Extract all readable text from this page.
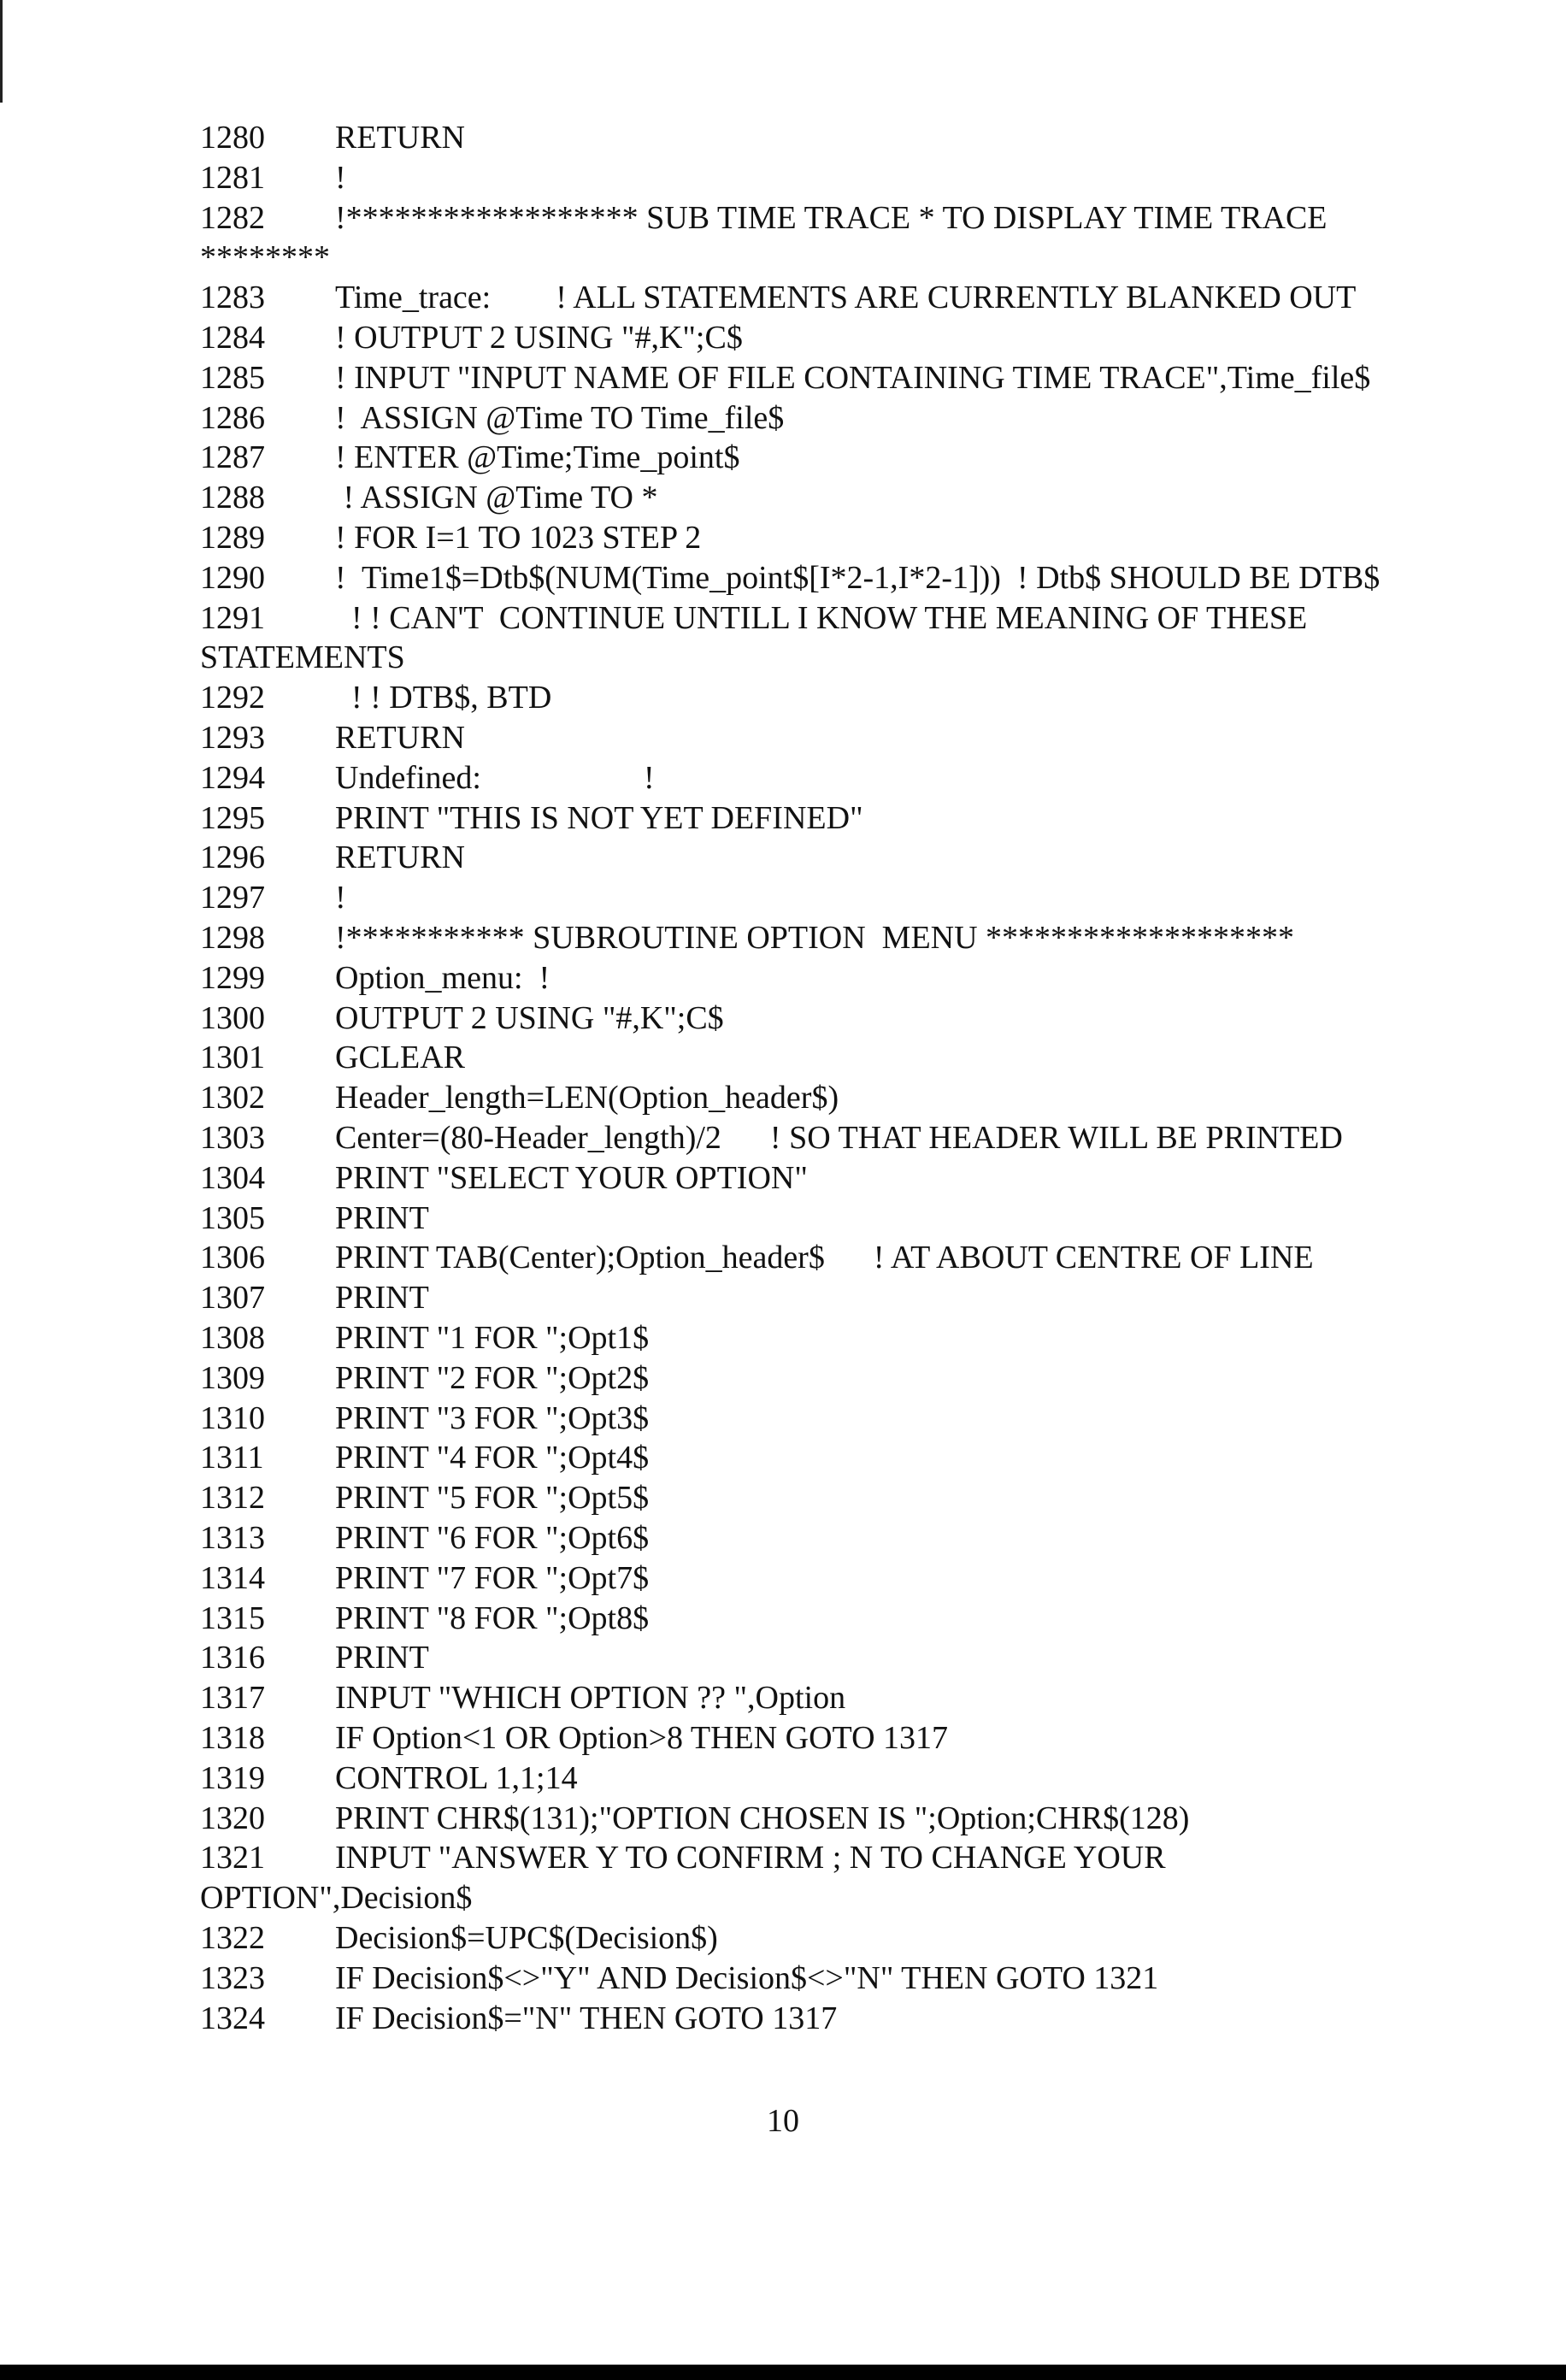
1280 RETURN
1281 !
1282 !****************** SUB TIME TRACE * TO DISPLAY TIME TRACE
********
1283 Time_trace:        ! ALL STATEMENTS ARE CURRENTLY BLANKED OUT
1284 ! OUTPUT 2 USING "#,K";C$
1285 ! INPUT "INPUT NAME OF FILE CONTAINING TIME TRACE",Time_file$
1286 !  ASSIGN @Time TO Time_file$
1287 ! ENTER @Time;Time_point$
1288 ! ASSIGN @Time TO *
1289 ! FOR I=1 TO 1023 STEP 2
1290 !  Time1$=Dtb$(NUM(Time_point$[I*2-1,I*2-1]))  ! Dtb$ SHOULD BE DTB$
1291  ! ! CAN'T  CONTINUE UNTILL I KNOW THE MEANING OF THESE
STATEMENTS
1292  ! ! DTB$, BTD
1293 RETURN
1294 Undefined:                    !
1295 PRINT "THIS IS NOT YET DEFINED"
1296 RETURN
1297 !
1298 !*********** SUBROUTINE OPTION  MENU *******************
1299 Option_menu:  !
1300 OUTPUT 2 USING "#,K";C$
1301 GCLEAR
1302 Header_length=LEN(Option_header$)
1303 Center=(80-Header_length)/2      ! SO THAT HEADER WILL BE PRINTED
1304 PRINT "SELECT YOUR OPTION"
1305 PRINT
1306 PRINT TAB(Center);Option_header$      ! AT ABOUT CENTRE OF LINE
1307 PRINT
1308 PRINT "1 FOR ";Opt1$
1309 PRINT "2 FOR ";Opt2$
1310 PRINT "3 FOR ";Opt3$
1311 PRINT "4 FOR ";Opt4$
1312 PRINT "5 FOR ";Opt5$
1313 PRINT "6 FOR ";Opt6$
1314 PRINT "7 FOR ";Opt7$
1315 PRINT "8 FOR ";Opt8$
1316 PRINT
1317 INPUT "WHICH OPTION ?? ",Option
1318 IF Option<1 OR Option>8 THEN GOTO 1317
1319 CONTROL 1,1;14
1320 PRINT CHR$(131);"OPTION CHOSEN IS ";Option;CHR$(128)
1321 INPUT "ANSWER Y TO CONFIRM ; N TO CHANGE YOUR
OPTION",Decision$
1322 Decision$=UPC$(Decision$)
1323 IF Decision$<>"Y" AND Decision$<>"N" THEN GOTO 1321
1324 IF Decision$="N" THEN GOTO 1317
10
